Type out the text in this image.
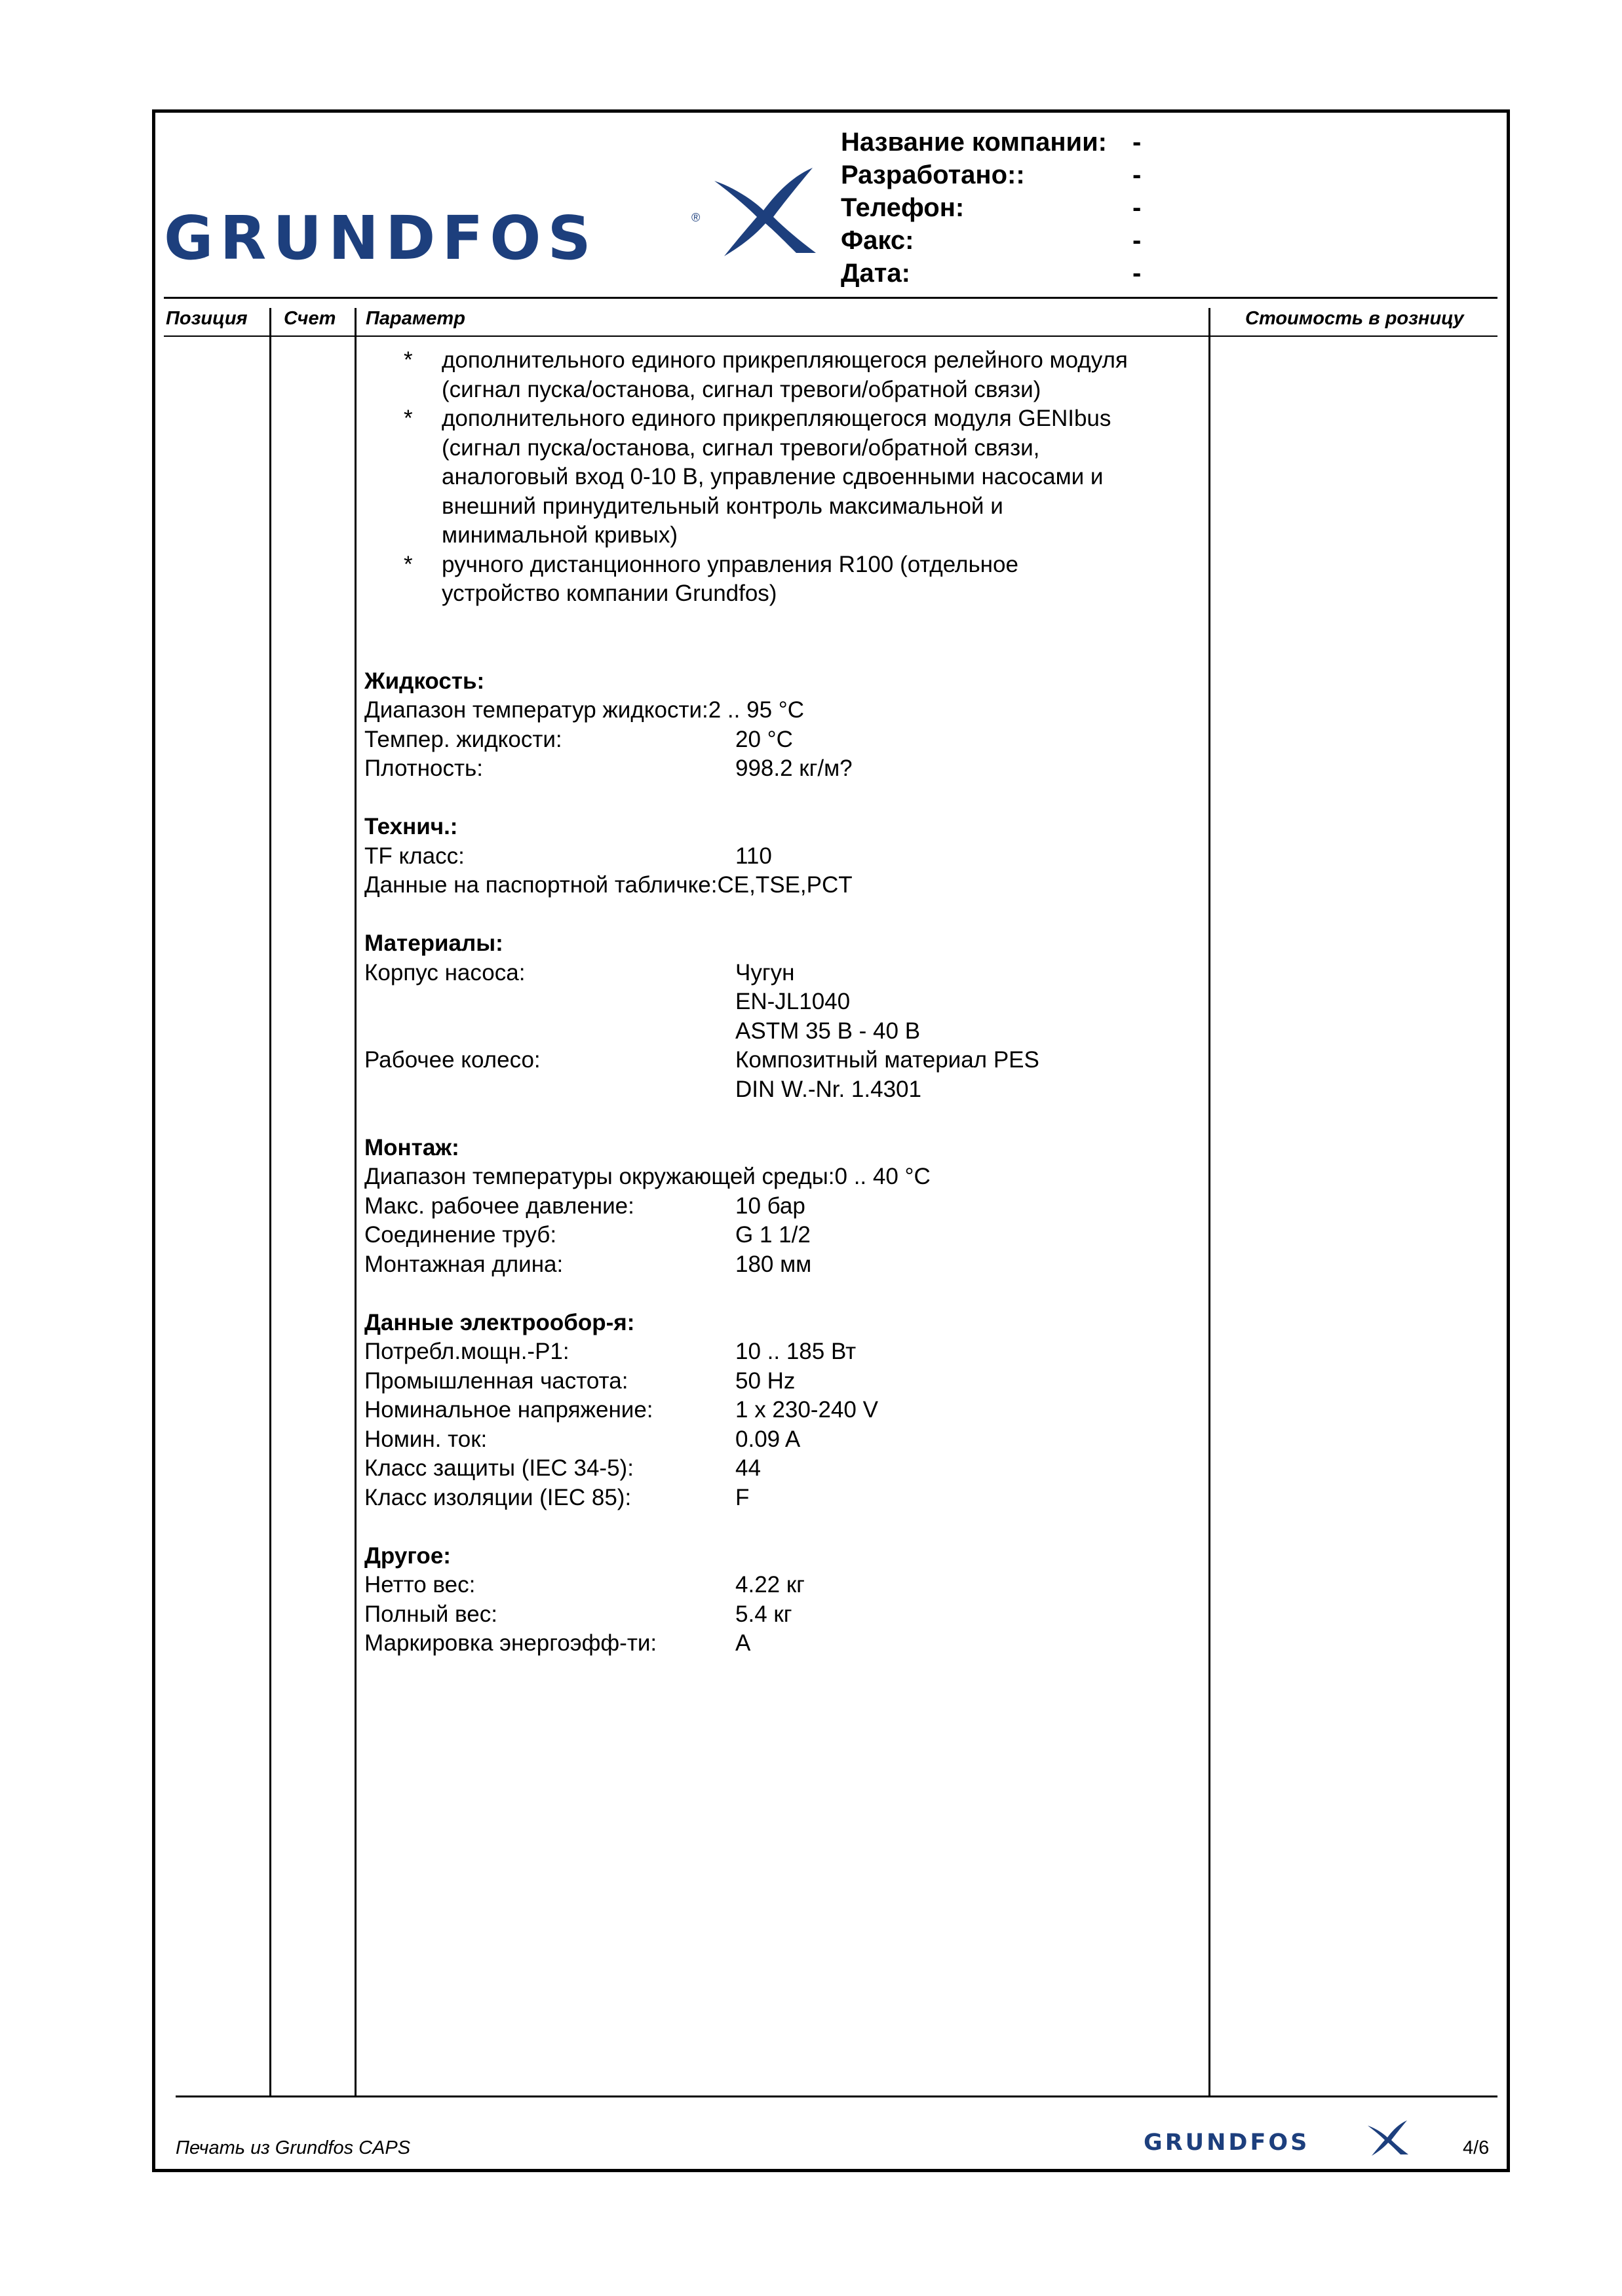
GRUNDFOS	®
Название компании: -
Разработано::	-
Телефон:	-
Факс:	-
Дата:	-
Позиция Счет Параметр	Стоимость в розницу
* дополнительного единого прикрепляющегося релейного модуля
(сигнал пуска/останова, сигнал тревоги/обратной связи)
* дополнительного единого прикрепляющегося модуля GENIbus
(сигнал пуска/останова, сигнал тревоги/обратной связи,
аналоговый вход 0-10 В, управление сдвоенными насосами и
внешний принудительный контроль максимальной и
минимальной кривых)
* ручного дистанционного управления R100 (отдельное
устройство компании Grundfos)
Жидкость:
Диапазон температур жидкости:2 .. 95 °C
Темпер. жидкости:	20 °C
Плотность:	998.2 кг/м?
Технич.:
TF класс:	110
Данные на паспортной табличке:CE,TSE,PCT
Материалы:
Корпус насоса:	Чугун
EN-JL1040
ASTM 35 B - 40 B
Рабочее колесо:	Композитный материал PES
DIN W.-Nr. 1.4301
Монтаж:
Диапазон температуры окружающей среды:0 .. 40 °C
Макс. рабочее давление:	10 бар
Соединение труб:	G 1 1/2
Монтажная длина:	180 мм
Данные электрообор-я:
Потребл.мощн.-P1:	10 .. 185 Вт
Промышленная частота:	50 Hz
Номинальное напряжение:	1 x 230-240 V
Номин. ток:	0.09 A
Класс защиты (IEC 34-5):	44
Класс изоляции (IEC 85):	F
Другое:
Нетто вес:	4.22 кг
Полный вес:	5.4 кг
Маркировка энергоэфф-ти:	A
Печать из Grundfos CAPS	GRUNDFOS	4/6
